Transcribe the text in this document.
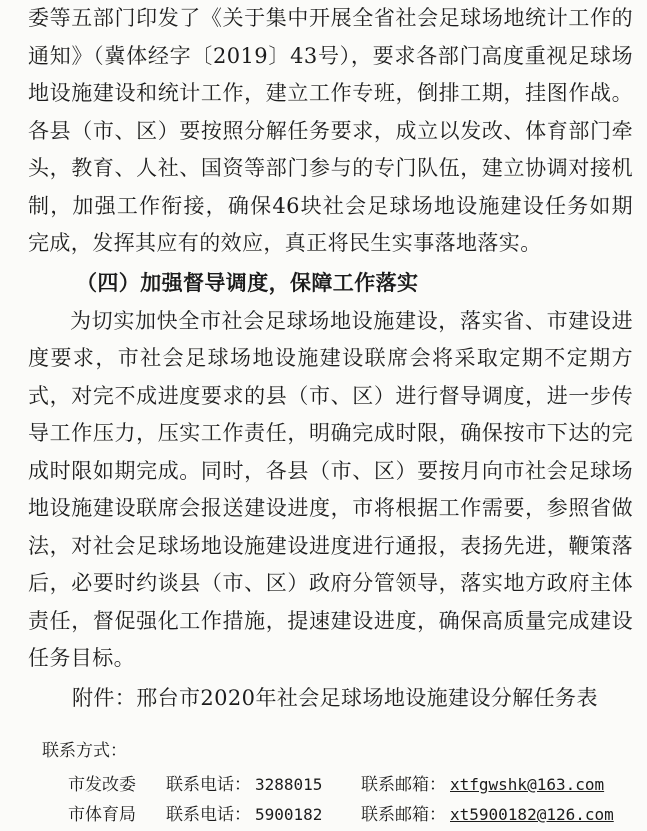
委等五部门印发了《关于集中开展全省社会足球场地统计工作的通知》（冀体经字〔2019〕43号），要求各部门高度重视足球场地设施建设和统计工作，建立工作专班，倒排工期，挂图作战。各县（市、区）要按照分解任务要求，成立以发改、体育部门牵头，教育、人社、国资等部门参与的专门队伍，建立协调对接机制，加强工作衔接，确保46块社会足球场地设施建设任务如期完成，发挥其应有的效应，真正将民生实事落地落实。

（四）加强督导调度，保障工作落实

为切实加快全市社会足球场地设施建设，落实省、市建设进度要求，市社会足球场地设施建设联席会将采取定期不定期方式，对完不成进度要求的县（市、区）进行督导调度，进一步传导工作压力，压实工作责任，明确完成时限，确保按市下达的完成时限如期完成。同时，各县（市、区）要按月向市社会足球场地设施建设联席会报送建设进度，市将根据工作需要，参照省做法，对社会足球场地设施建设进度进行通报，表扬先进，鞭策落后，必要时约谈县（市、区）政府分管领导，落实地方政府主体责任，督促强化工作措施，提速建设进度，确保高质量完成建设任务目标。

附件：邢台市2020年社会足球场地设施建设分解任务表

联系方式：

市发改委	联系电话： 3288015	联系邮箱： xtfgwshk@163.com
市体育局	联系电话： 5900182	联系邮箱： xt5900182@126.com
